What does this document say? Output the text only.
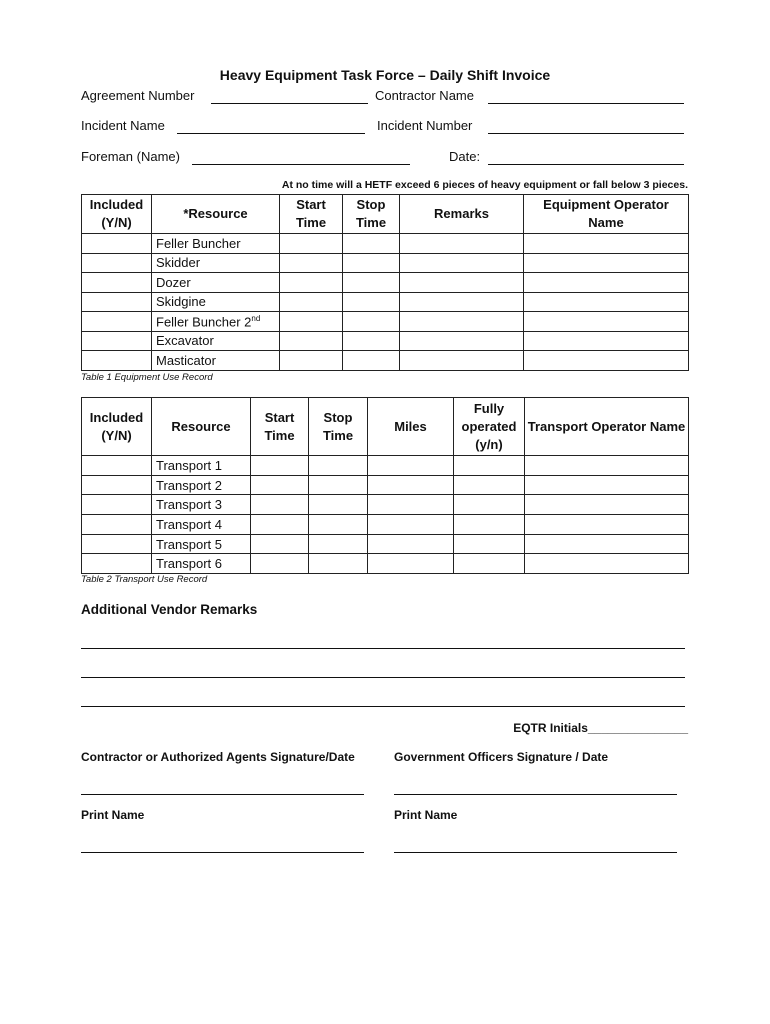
Heavy Equipment Task Force – Daily Shift Invoice
Agreement Number	Contractor Name
Incident Name	Incident Number
Foreman (Name)	Date:
At no time will a HETF exceed 6 pieces of heavy equipment or fall below 3 pieces.
Included (Y/N)	*Resource	Start Time	Stop Time	Remarks	Equipment Operator Name
	Feller Buncher				
	Skidder				
	Dozer				
	Skidgine				
	Feller Buncher 2nd				
	Excavator				
	Masticator				
Table 1 Equipment Use Record
Included (Y/N)	Resource	Start Time	Stop Time	Miles	Fully operated (y/n)	Transport Operator Name
	Transport 1					
	Transport 2					
	Transport 3					
	Transport 4					
	Transport 5					
	Transport 6					
Table 2 Transport Use Record
Additional Vendor Remarks
EQTR Initials_______________
Contractor or Authorized Agents Signature/Date	Government Officers Signature / Date
Print Name	Print Name
